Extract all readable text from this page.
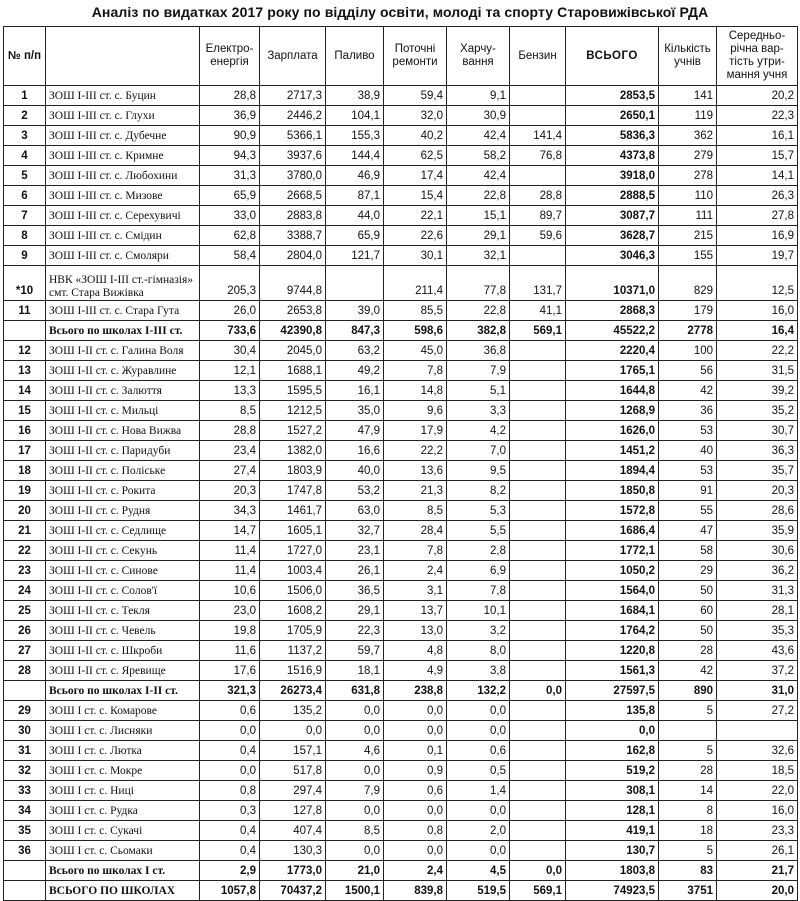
Аналіз по видатках 2017 року по відділу освіти, молоді та спорту Старовижівської РДА
№ п/п		Електро-енергія	Зарплата	Паливо	Поточні ремонти	Харчу-вання	Бензин	ВСЬОГО	Кількість учнів	Середньо-річна вар-тість утри-мання учня
1	ЗОШ І-ІІІ ст. с. Буцин	28,8	2717,3	38,9	59,4	9,1		2853,5	141	20,2
2	ЗОШ І-ІІІ ст. с. Глухи	36,9	2446,2	104,1	32,0	30,9		2650,1	119	22,3
3	ЗОШ І-ІІІ ст. с. Дубечне	90,9	5366,1	155,3	40,2	42,4	141,4	5836,3	362	16,1
4	ЗОШ І-ІІІ ст. с. Кримне	94,3	3937,6	144,4	62,5	58,2	76,8	4373,8	279	15,7
5	ЗОШ І-ІІІ ст. с. Любохини	31,3	3780,0	46,9	17,4	42,4		3918,0	278	14,1
6	ЗОШ І-ІІІ ст. с. Мизове	65,9	2668,5	87,1	15,4	22,8	28,8	2888,5	110	26,3
7	ЗОШ І-ІІІ ст. с. Серехувичі	33,0	2883,8	44,0	22,1	15,1	89,7	3087,7	111	27,8
8	ЗОШ І-ІІІ ст. с. Смідин	62,8	3388,7	65,9	22,6	29,1	59,6	3628,7	215	16,9
9	ЗОШ І-ІІІ ст. с. Смоляри	58,4	2804,0	121,7	30,1	32,1		3046,3	155	19,7
*10	НВК «ЗОШ І-ІІІ ст.-гімназія» смт. Стара Вижівка	205,3	9744,8		211,4	77,8	131,7	10371,0	829	12,5
11	ЗОШ І-ІІІ ст. с. Стара Гута	26,0	2653,8	39,0	85,5	22,8	41,1	2868,3	179	16,0
	Всього по школах І-ІІІ ст.	733,6	42390,8	847,3	598,6	382,8	569,1	45522,2	2778	16,4
12	ЗОШ І-ІІ ст. с. Галина Воля	30,4	2045,0	63,2	45,0	36,8		2220,4	100	22,2
13	ЗОШ І-ІІ ст. с. Журавлине	12,1	1688,1	49,2	7,8	7,9		1765,1	56	31,5
14	ЗОШ І-ІІ ст. с. Залюття	13,3	1595,5	16,1	14,8	5,1		1644,8	42	39,2
15	ЗОШ І-ІІ ст. с. Мильці	8,5	1212,5	35,0	9,6	3,3		1268,9	36	35,2
16	ЗОШ І-ІІ ст. с. Нова Вижва	28,8	1527,2	47,9	17,9	4,2		1626,0	53	30,7
17	ЗОШ І-ІІ ст. с. Паридуби	23,4	1382,0	16,6	22,2	7,0		1451,2	40	36,3
18	ЗОШ І-ІІ ст. с. Поліське	27,4	1803,9	40,0	13,6	9,5		1894,4	53	35,7
19	ЗОШ І-ІІ ст. с. Рокита	20,3	1747,8	53,2	21,3	8,2		1850,8	91	20,3
20	ЗОШ І-ІІ ст. с. Рудня	34,3	1461,7	63,0	8,5	5,3		1572,8	55	28,6
21	ЗОШ І-ІІ ст. с. Седлище	14,7	1605,1	32,7	28,4	5,5		1686,4	47	35,9
22	ЗОШ І-ІІ ст. с. Секунь	11,4	1727,0	23,1	7,8	2,8		1772,1	58	30,6
23	ЗОШ І-ІІ ст. с. Синове	11,4	1003,4	26,1	2,4	6,9		1050,2	29	36,2
24	ЗОШ І-ІІ ст. с. Солов'ї	10,6	1506,0	36,5	3,1	7,8		1564,0	50	31,3
25	ЗОШ І-ІІ ст. с. Текля	23,0	1608,2	29,1	13,7	10,1		1684,1	60	28,1
26	ЗОШ І-ІІ ст. с. Чевель	19,8	1705,9	22,3	13,0	3,2		1764,2	50	35,3
27	ЗОШ І-ІІ ст. с. Шкроби	11,6	1137,2	59,7	4,8	8,0		1220,8	28	43,6
28	ЗОШ І-ІІ ст. с. Яревище	17,6	1516,9	18,1	4,9	3,8		1561,3	42	37,2
	Всього по школах І-ІІ ст.	321,3	26273,4	631,8	238,8	132,2	0,0	27597,5	890	31,0
29	ЗОШ І ст. с. Комарове	0,6	135,2	0,0	0,0	0,0		135,8	5	27,2
30	ЗОШ І ст. с. Лисняки	0,0	0,0	0,0	0,0	0,0		0,0		
31	ЗОШ І ст. с. Лютка	0,4	157,1	4,6	0,1	0,6		162,8	5	32,6
32	ЗОШ І ст. с. Мокре	0,0	517,8	0,0	0,9	0,5		519,2	28	18,5
33	ЗОШ І ст. с. Ниці	0,8	297,4	7,9	0,6	1,4		308,1	14	22,0
34	ЗОШ І ст. с. Рудка	0,3	127,8	0,0	0,0	0,0		128,1	8	16,0
35	ЗОШ І ст. с. Сукачі	0,4	407,4	8,5	0,8	2,0		419,1	18	23,3
36	ЗОШ І ст. с. Сьомаки	0,4	130,3	0,0	0,0	0,0		130,7	5	26,1
	Всього по школах І ст.	2,9	1773,0	21,0	2,4	4,5	0,0	1803,8	83	21,7
	ВСЬОГО ПО ШКОЛАХ	1057,8	70437,2	1500,1	839,8	519,5	569,1	74923,5	3751	20,0
